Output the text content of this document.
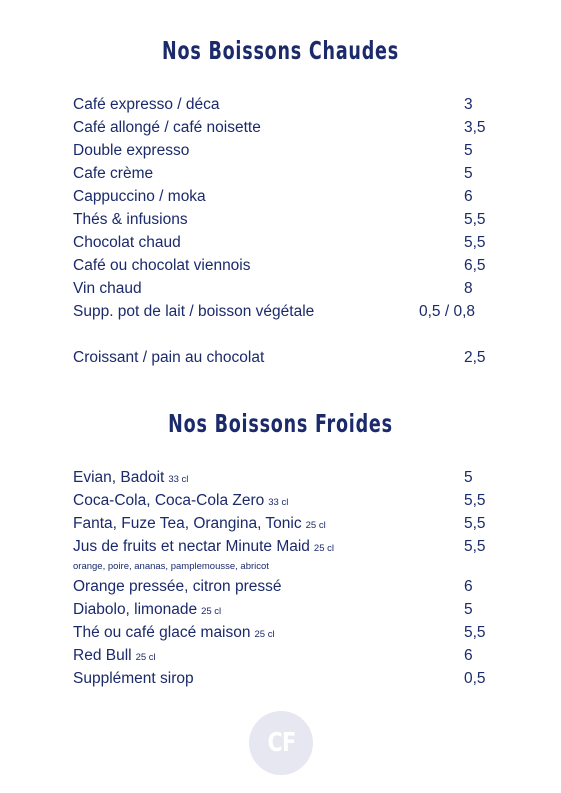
Nos Boissons Chaudes
Café expresso / déca	3
Café allongé / café noisette	3,5
Double expresso	5
Cafe crème	5
Cappuccino / moka	6
Thés & infusions	5,5
Chocolat chaud	5,5
Café ou chocolat viennois	6,5
Vin chaud	8
Supp. pot de lait / boisson végétale	0,5 / 0,8
Croissant / pain au chocolat	2,5
Nos Boissons Froides
Evian, Badoit 33 cl	5
Coca-Cola, Coca-Cola Zero 33 cl	5,5
Fanta, Fuze Tea, Orangina, Tonic 25 cl	5,5
Jus de fruits et nectar Minute Maid 25 cl	5,5
orange, poire, ananas, pamplemousse, abricot
Orange pressée, citron pressé	6
Diabolo, limonade 25 cl	5
Thé ou café glacé maison 25 cl	5,5
Red Bull 25 cl	6
Supplément sirop	0,5
CF
